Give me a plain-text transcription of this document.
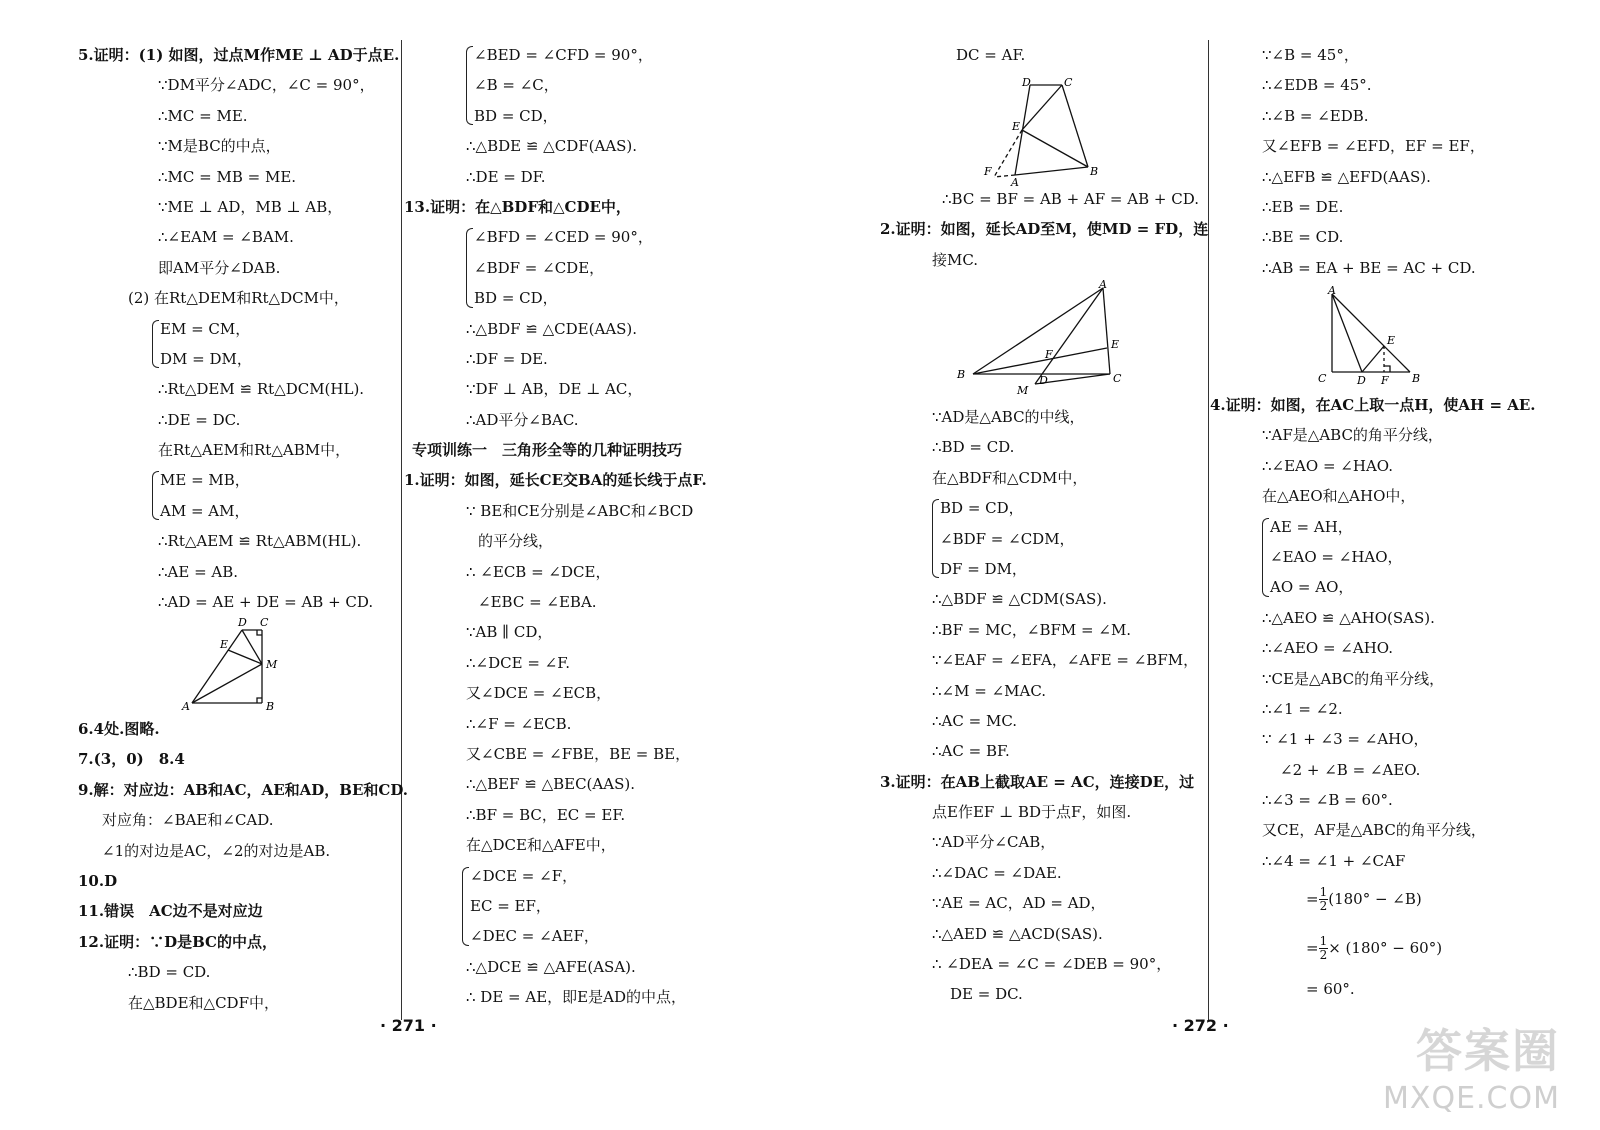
5.证明：(1) 如图，过点M作ME ⊥ AD于点E.
∵DM平分∠ADC，∠C = 90°，
∴MC = ME.
∵M是BC的中点，
∴MC = MB = ME.
∵ME ⊥ AD，MB ⊥ AB，
∴∠EAM = ∠BAM.
即AM平分∠DAB.
(2) 在Rt△DEM和Rt△DCM中，
EM = CM，
DM = DM，
∴Rt△DEM ≌ Rt△DCM(HL).
∴DE = DC.
在Rt△AEM和Rt△ABM中，
ME = MB，
AM = AM，
∴Rt△AEM ≌ Rt△ABM(HL).
∴AE = AB.
∴AD = AE + DE = AB + CD.
D C
E
M
A	B
6.4处.图略.
7.(3，0)　8.4
9.解：对应边：AB和AC，AE和AD，BE和CD.
对应角：∠BAE和∠CAD.
∠1的对边是AC，∠2的对边是AB.
10.D
11.错误　AC边不是对应边
12.证明：∵D是BC的中点，
∴BD = CD.
在△BDE和△CDF中，
∠BED = ∠CFD = 90°，
∠B = ∠C，
BD = CD，
∴△BDE ≌ △CDF(AAS).
∴DE = DF.
13.证明：在△BDF和△CDE中，
∠BFD = ∠CED = 90°，
∠BDF = ∠CDE，
BD = CD，
∴△BDF ≌ △CDE(AAS).
∴DF = DE.
∵DF ⊥ AB，DE ⊥ AC，
∴AD平分∠BAC.
专项训练一　三角形全等的几种证明技巧
1.证明：如图，延长CE交BA的延长线于点F.
∵ BE和CE分别是∠ABC和∠BCD
的平分线，
∴ ∠ECB = ∠DCE，
∠EBC = ∠EBA.
∵AB ∥ CD，
∴∠DCE = ∠F.
又∠DCE = ∠ECB，
∴∠F = ∠ECB.
又∠CBE = ∠FBE，BE = BE，
∴△BEF ≌ △BEC(AAS).
∴BF = BC，EC = EF.
在△DCE和△AFE中，
∠DCE = ∠F，
EC = EF，
∠DEC = ∠AEF，
∴△DCE ≌ △AFE(ASA).
∴ DE = AE，即E是AD的中点，
· 271 ·
DC = AF.
D	C
E
F
A
B
∴BC = BF = AB + AF = AB + CD.
2.证明：如图，延长AD至M，使MD = FD，连
接MC.
A
E
F
B
M
D	C
∵AD是△ABC的中线，
∴BD = CD.
在△BDF和△CDM中，
BD = CD，
∠BDF = ∠CDM，
DF = DM，
∴△BDF ≌ △CDM(SAS).
∴BF = MC，∠BFM = ∠M.
∵∠EAF = ∠EFA，∠AFE = ∠BFM，
∴∠M = ∠MAC.
∴AC = MC.
∴AC = BF.
3.证明：在AB上截取AE = AC，连接DE，过
点E作EF ⊥ BD于点F，如图.
∵AD平分∠CAB，
∴∠DAC = ∠DAE.
∵AE = AC，AD = AD，
∴△AED ≌ △ACD(SAS).
∴ ∠DEA = ∠C = ∠DEB = 90°，
DE = DC.
· 272 ·
∵∠B = 45°，
∴∠EDB = 45°.
∴∠B = ∠EDB.
又∠EFB = ∠EFD，EF = EF，
∴△EFB ≌ △EFD(AAS).
∴EB = DE.
∴BE = CD.
∴AB = EA + BE = AC + CD.
A
E
C	D F B
4.证明：如图，在AC上取一点H，使AH = AE.
∵AF是△ABC的角平分线，
∴∠EAO = ∠HAO.
在△AEO和△AHO中，
AE = AH，
∠EAO = ∠HAO，
AO = AO，
∴△AEO ≌ △AHO(SAS).
∴∠AEO = ∠AHO.
∵CE是△ABC的角平分线，
∴∠1 = ∠2.
∵ ∠1 + ∠3 = ∠AHO，
∠2 + ∠B = ∠AEO.
∴∠3 = ∠B = 60°.
又CE，AF是△ABC的角平分线，
∴∠4 = ∠1 + ∠CAF
= $\frac{1}{2} (180^\circ$ − ∠B)
= $\frac{1}{2} \times (180^\circ - 60^\circ)$
= 60°.
答案圈
MXQE.COM
